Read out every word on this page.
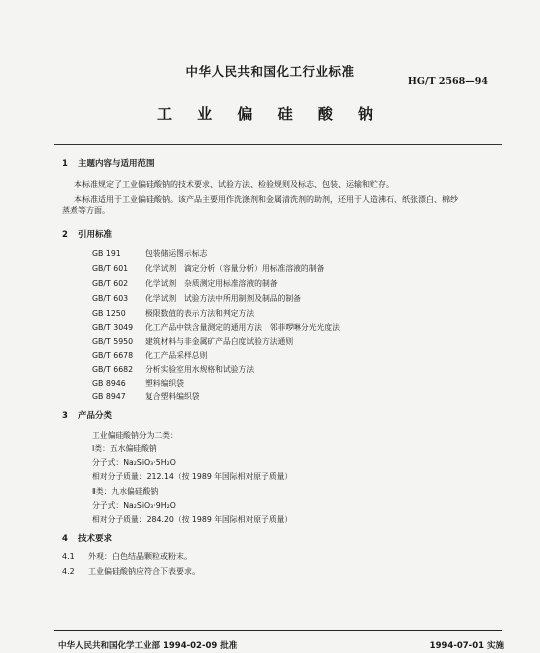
中华人民共和国化工行业标准
HG/T 2568—94
工 业 偏 硅 酸 钠
1 主题内容与适用范围
本标准规定了工业偏硅酸钠的技术要求、试验方法、检验规则及标志、包装、运输和贮存。
本标准适用于工业偏硅酸钠。该产品主要用作洗涤剂和金属清洗剂的助剂，还用于人造沸石、纸张漂白、棉纱蒸煮等方面。
2 引用标准
GB 191	包装储运图示标志
GB/T 601 化学试剂　滴定分析（容量分析）用标准溶液的制备
GB/T 602 化学试剂　杂质测定用标准溶液的制备
GB/T 603 化学试剂　试验方法中所用制剂及制品的制备
GB 1250 极限数值的表示方法和判定方法
GB/T 3049 化工产品中铁含量测定的通用方法　邻菲啰啉分光光度法
GB/T 5950 建筑材料与非金属矿产品白度试验方法通则
GB/T 6678 化工产品采样总则
GB/T 6682 分析实验室用水规格和试验方法
GB 8946 塑料编织袋
GB 8947 复合塑料编织袋
3 产品分类
工业偏硅酸钠分为二类：
Ⅰ类：五水偏硅酸钠
分子式：Na₂SiO₃·5H₂O
相对分子质量：212.14（按 1989 年国际相对原子质量）
Ⅱ类：九水偏硅酸钠
分子式：Na₂SiO₃·9H₂O
相对分子质量：284.20（按 1989 年国际相对原子质量）
4 技术要求
4.1 外观：白色结晶颗粒或粉末。
4.2 工业偏硅酸钠应符合下表要求。
中华人民共和国化学工业部 1994-02-09 批准	1994-07-01 实施
